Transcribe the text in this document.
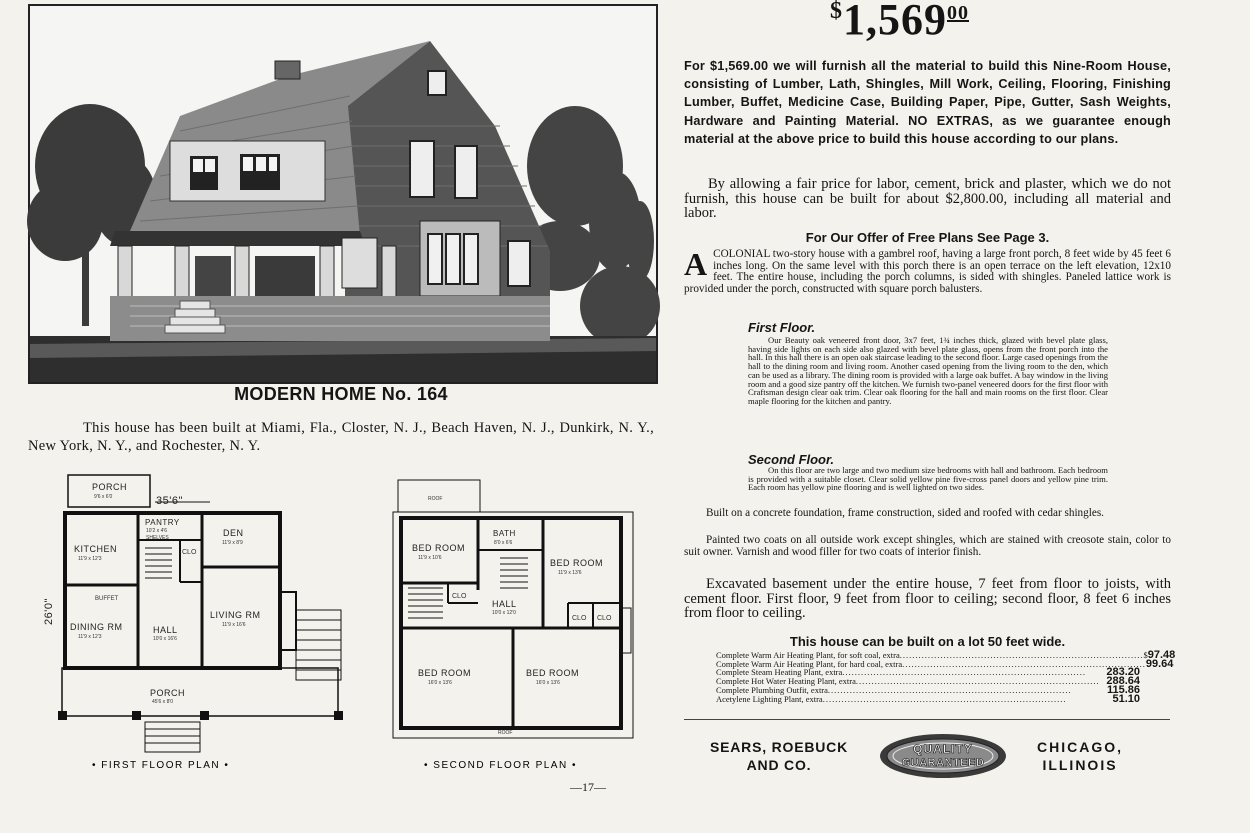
MODERN HOME No. 164
This house has been built at Miami, Fla., Closter, N. J., Beach Haven, N. J., Dunkirk, N. Y., New York, N. Y., and Rochester, N. Y.
35'6"
26'0"
PORCH
9'6 x 6'0
PANTRY
10'2 x 4'6
SHELVES
KITCHEN
11'9 x 12'3
DEN
11'9 x 8'9
CLO
BUFFET
DINING RM
11'9 x 12'3
HALL
10'0 x 16'6
LIVING RM
11'9 x 16'6
PORCH
45'6 x 8'0
• FIRST FLOOR PLAN •
ROOF
BED ROOM
11'9 x 10'6
BATH
8'0 x 6'6
BED ROOM
11'9 x 13'6
CLO
CLO CLO
HALL
10'0 x 12'0
BED ROOM
16'0 x 13'6
BED ROOM
16'0 x 13'6
ROOF
• SECOND FLOOR PLAN •
$1,569$^{00}$
For $1,569.00 we will furnish all the material to build this Nine-Room House, consisting of Lumber, Lath, Shingles, Mill Work, Ceiling, Flooring, Finishing Lumber, Buffet, Medicine Case, Building Paper, Pipe, Gutter, Sash Weights, Hardware and Painting Material. NO EXTRAS, as we guarantee enough material at the above price to build this house according to our plans.
By allowing a fair price for labor, cement, brick and plaster, which we do not furnish, this house can be built for about $2,800.00, including all material and labor.
For Our Offer of Free Plans See Page 3.
ACOLONIAL two-story house with a gambrel roof, having a large front porch, 8 feet wide by 45 feet 6 inches long. On the same level with this porch there is an open terrace on the left elevation, 12x10 feet. The entire house, including the porch columns, is sided with shingles. Paneled lattice work is provided under the porch, constructed with square porch balusters.
First Floor.
Our Beauty oak veneered front door, 3x7 feet, 1¾ inches thick, glazed with bevel plate glass, having side lights on each side also glazed with bevel plate glass, opens from the front porch into the hall. In this hall there is an open oak staircase leading to the second floor. Large cased openings from the hall to the dining room and living room. Another cased opening from the living room to the den, which can be used as a library. The dining room is provided with a large oak buffet. A bay window in the living room and a good size pantry off the kitchen. We furnish two-panel veneered doors for the first floor with Craftsman design clear oak trim. Clear oak flooring for the hall and main rooms on the first floor. Clear maple flooring for the kitchen and pantry.
Second Floor.
On this floor are two large and two medium size bedrooms with hall and bathroom. Each bedroom is provided with a suitable closet. Clear solid yellow pine five-cross panel doors and yellow pine trim. Each room has yellow pine flooring and is well lighted on two sides.
Built on a concrete foundation, frame construction, sided and roofed with cedar shingles.
Painted two coats on all outside work except shingles, which are stained with creosote stain, color to suit owner. Varnish and wood filler for two coats of interior finish.
Excavated basement under the entire house, 7 feet from floor to joists, with cement floor. First floor, 9 feet from floor to ceiling; second floor, 8 feet 6 inches from floor to ceiling.
This house can be built on a lot 50 feet wide.
Complete Warm Air Heating Plant, for soft coal, extra .............................................................................. $ 97.48
Complete Warm Air Heating Plant, for hard coal, extra .............................................................................. 99.64
Complete Steam Heating Plant, extra ..............................................................................	283.20
Complete Hot Water Heating Plant, extra .............................................................................. 288.64
Complete Plumbing Outfit, extra ..............................................................................	115.86
Acetylene Lighting Plant, extra ..............................................................................	51.10
SEARS, ROEBUCK
AND CO.
QUALITY
GUARANTEED
CHICAGO,
ILLINOIS
—17—
